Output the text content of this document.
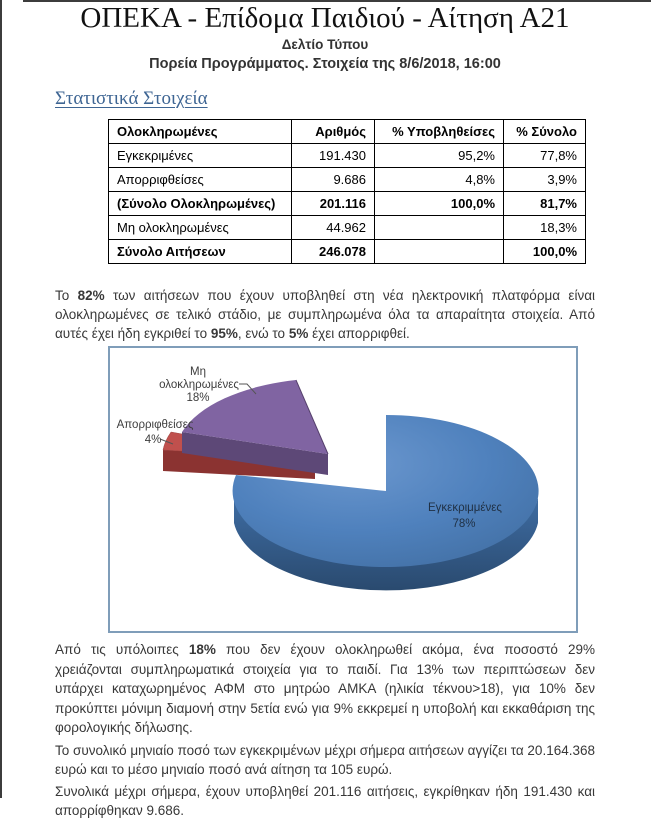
ΟΠΕΚΑ - Επίδομα Παιδιού - Αίτηση Α21
Δελτίο Τύπου
Πορεία Προγράμματος. Στοιχεία της 8/6/2018, 16:00
Στατιστικά Στοιχεία
Ολοκληρωμένες	Αριθμός	% Υποβληθείσες	% Σύνολο
Εγκεκριμένες	191.430	95,2%	77,8%
Απορριφθείσες	9.686	4,8%	3,9%
(Σύνολο Ολοκληρωμένες)	201.116	100,0%	81,7%
Μη ολοκληρωμένες	44.962		18,3%
Σύνολο Αιτήσεων	246.078		100,0%

Το 82% των αιτήσεων που έχουν υποβληθεί στη νέα ηλεκτρονική πλατφόρμα είναι ολοκληρωμένες σε τελικό στάδιο, με συμπληρωμένα όλα τα απαραίτητα στοιχεία. Από αυτές έχει ήδη εγκριθεί το 95%, ενώ το 5% έχει απορριφθεί.

Μη
ολοκληρωμένες
18%
Απορριφθείσες
4%
Εγκεκριμμένες
78%

Από τις υπόλοιπες 18% που δεν έχουν ολοκληρωθεί ακόμα, ένα ποσοστό 29% χρειάζονται συμπληρωματικά στοιχεία για το παιδί. Για 13% των περιπτώσεων δεν υπάρχει καταχωρημένος ΑΦΜ στο μητρώο ΑΜΚΑ (ηλικία τέκνου>18), για 10% δεν προκύπτει μόνιμη διαμονή στην 5ετία ενώ για 9% εκκρεμεί η υποβολή και εκκαθάριση της φορολογικής δήλωσης.

Το συνολικό μηνιαίο ποσό των εγκεκριμένων μέχρι σήμερα αιτήσεων αγγίζει τα 20.164.368 ευρώ και το μέσο μηνιαίο ποσό ανά αίτηση τα 105 ευρώ.

Συνολικά μέχρι σήμερα, έχουν υποβληθεί 201.116 αιτήσεις, εγκρίθηκαν ήδη 191.430 και απορρίφθηκαν 9.686.
